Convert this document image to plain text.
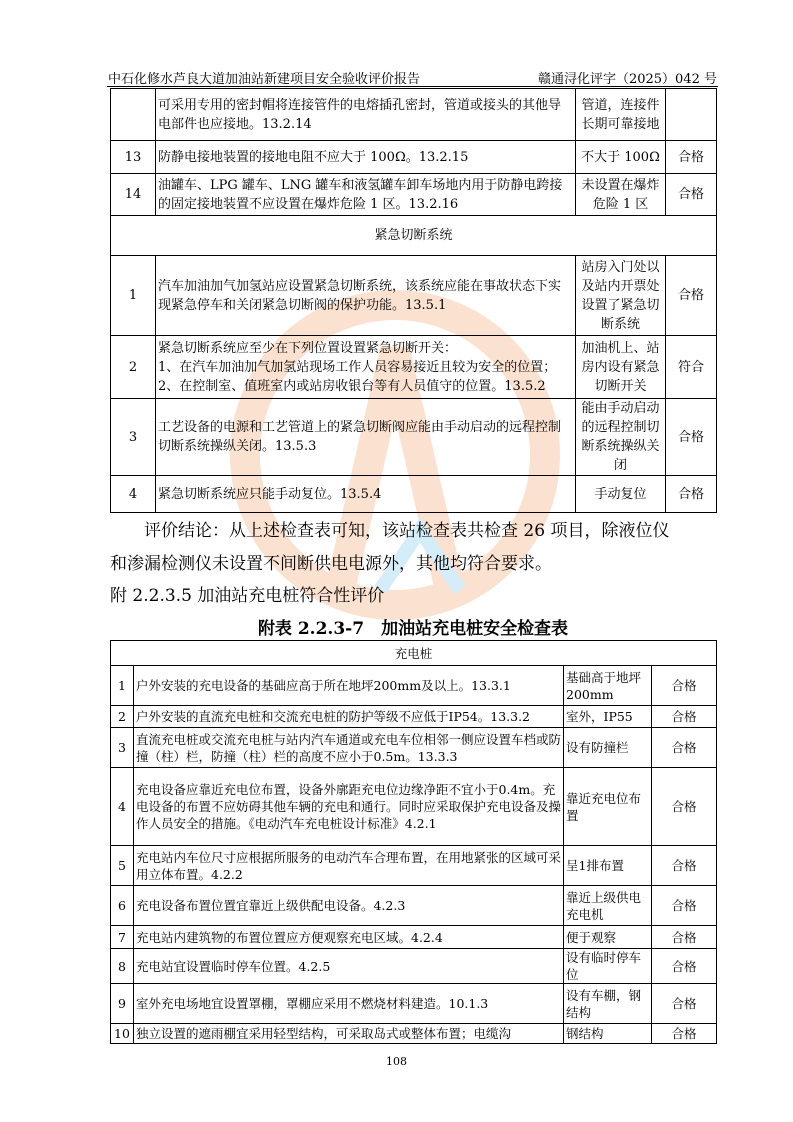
中石化修水芦良大道加油站新建项目安全验收评价报告	赣通浔化评字（2025）042 号
	可采用专用的密封帽将连接管件的电熔插孔密封，管道或接头的其他导电部件也应接地。13.2.14	管道，连接件长期可靠接地	
13	防静电接地装置的接地电阻不应大于 100Ω。13.2.15	不大于 100Ω	合格
14	油罐车、LPG 罐车、LNG 罐车和液氢罐车卸车场地内用于防静电跨接的固定接地装置不应设置在爆炸危险 1 区。13.2.16	未设置在爆炸危险 1 区	合格
紧急切断系统			
1	汽车加油加气加氢站应设置紧急切断系统，该系统应能在事故状态下实现紧急停车和关闭紧急切断阀的保护功能。13.5.1	站房入门处以及站内开票处设置了紧急切断系统	合格
2	紧急切断系统应至少在下列位置设置紧急切断开关：
1、在汽车加油加气加氢站现场工作人员容易接近且较为安全的位置；
2、在控制室、值班室内或站房收银台等有人员值守的位置。13.5.2	加油机上、站房内设有紧急切断开关	符合
3	工艺设备的电源和工艺管道上的紧急切断阀应能由手动启动的远程控制切断系统操纵关闭。13.5.3	能由手动启动的远程控制切断系统操纵关闭	合格
4	紧急切断系统应只能手动复位。13.5.4	手动复位	合格
评价结论：从上述检查表可知，该站检查表共检查 26 项目，除液位仪
和渗漏检测仪未设置不间断供电电源外，其他均符合要求。
附 2.2.3.5 加油站充电桩符合性评价
附表 2.2.3-7　加油站充电桩安全检查表
充电桩			
1	户外安装的充电设备的基础应高于所在地坪200mm及以上。13.3.1	基础高于地坪200mm	合格
2	户外安装的直流充电桩和交流充电桩的防护等级不应低于IP54。13.3.2	室外，IP55	合格
3	直流充电桩或交流充电桩与站内汽车通道或充电车位相邻一侧应设置车档或防撞（柱）栏，防撞（柱）栏的高度不应小于0.5m。13.3.3	设有防撞栏	合格
4	充电设备应靠近充电位布置，设备外廓距充电位边缘净距不宜小于0.4m。充电设备的布置不应妨碍其他车辆的充电和通行。同时应采取保护充电设备及操作人员安全的措施。《电动汽车充电桩设计标准》4.2.1	靠近充电位布置	合格
5	充电站内车位尺寸应根据所服务的电动汽车合理布置，在用地紧张的区域可采用立体布置。4.2.2	呈1排布置	合格
6	充电设备布置位置宜靠近上级供配电设备。4.2.3	靠近上级供电充电机	合格
7	充电站内建筑物的布置位置应方便观察充电区域。4.2.4	便于观察	合格
8	充电站宜设置临时停车位置。4.2.5	设有临时停车位	合格
9	室外充电场地宜设置罩棚，罩棚应采用不燃烧材料建造。10.1.3	设有车棚，钢结构	合格
10	独立设置的遮雨棚宜采用轻型结构，可采取岛式或整体布置；电缆沟	钢结构	合格
108
